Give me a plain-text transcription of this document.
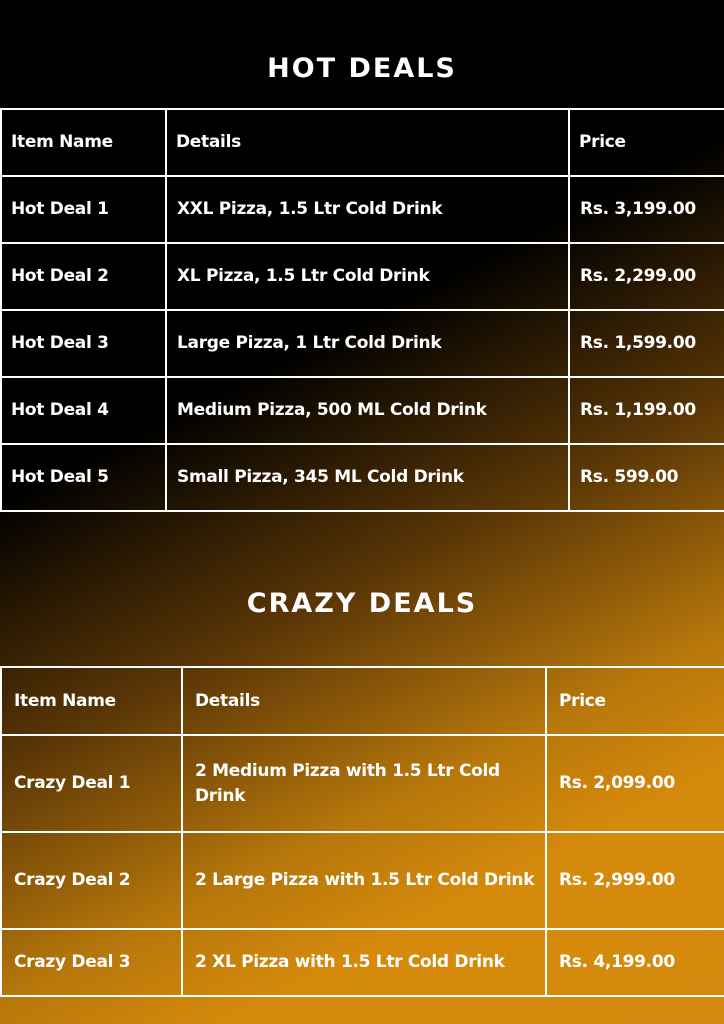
HOT DEALS
Item Name	Details	Price
Hot Deal 1	XXL Pizza, 1.5 Ltr Cold Drink	Rs. 3,199.00
Hot Deal 2	XL Pizza, 1.5 Ltr Cold Drink	Rs. 2,299.00
Hot Deal 3	Large Pizza, 1 Ltr Cold Drink	Rs. 1,599.00
Hot Deal 4	Medium Pizza, 500 ML Cold Drink	Rs. 1,199.00
Hot Deal 5	Small Pizza, 345 ML Cold Drink	Rs. 599.00
CRAZY DEALS
Item Name	Details	Price
Crazy Deal 1	2 Medium Pizza with 1.5 Ltr Cold Drink	Rs. 2,099.00
Crazy Deal 2	2 Large Pizza with 1.5 Ltr Cold Drink	Rs. 2,999.00
Crazy Deal 3	2 XL Pizza with 1.5 Ltr Cold Drink	Rs. 4,199.00
